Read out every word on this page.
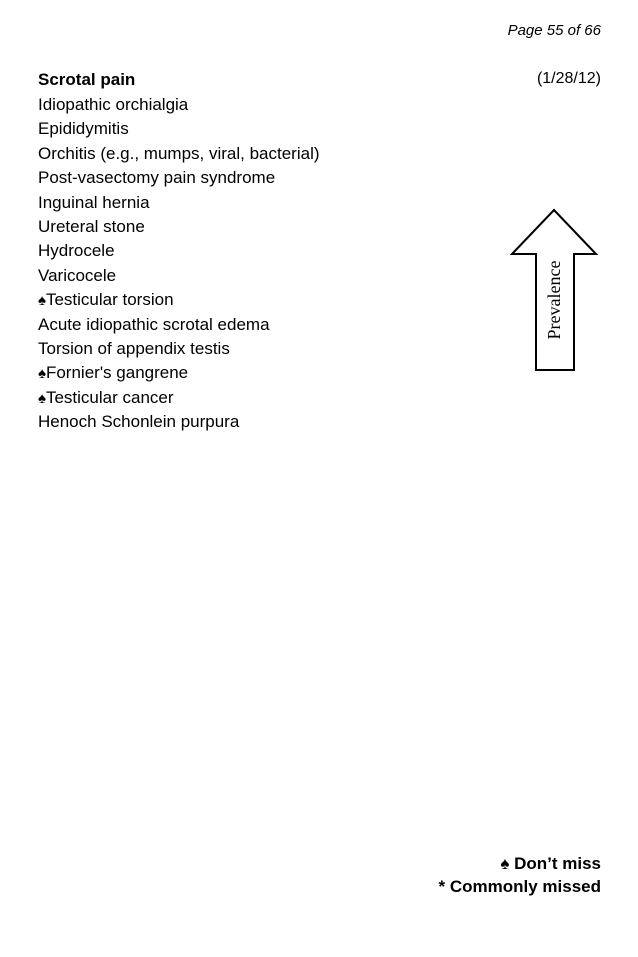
Page 55 of 66
Scrotal pain	(1/28/12)
Idiopathic orchialgia
Epididymitis
Orchitis (e.g., mumps, viral, bacterial)
Post-vasectomy pain syndrome
Inguinal hernia
Ureteral stone
Hydrocele
Varicocele
♠Testicular torsion
Acute idiopathic scrotal edema
Torsion of appendix testis
♠Fornier's gangrene
♠Testicular cancer
Henoch Schonlein purpura
Prevalence
♠ Don’t miss
* Commonly missed
